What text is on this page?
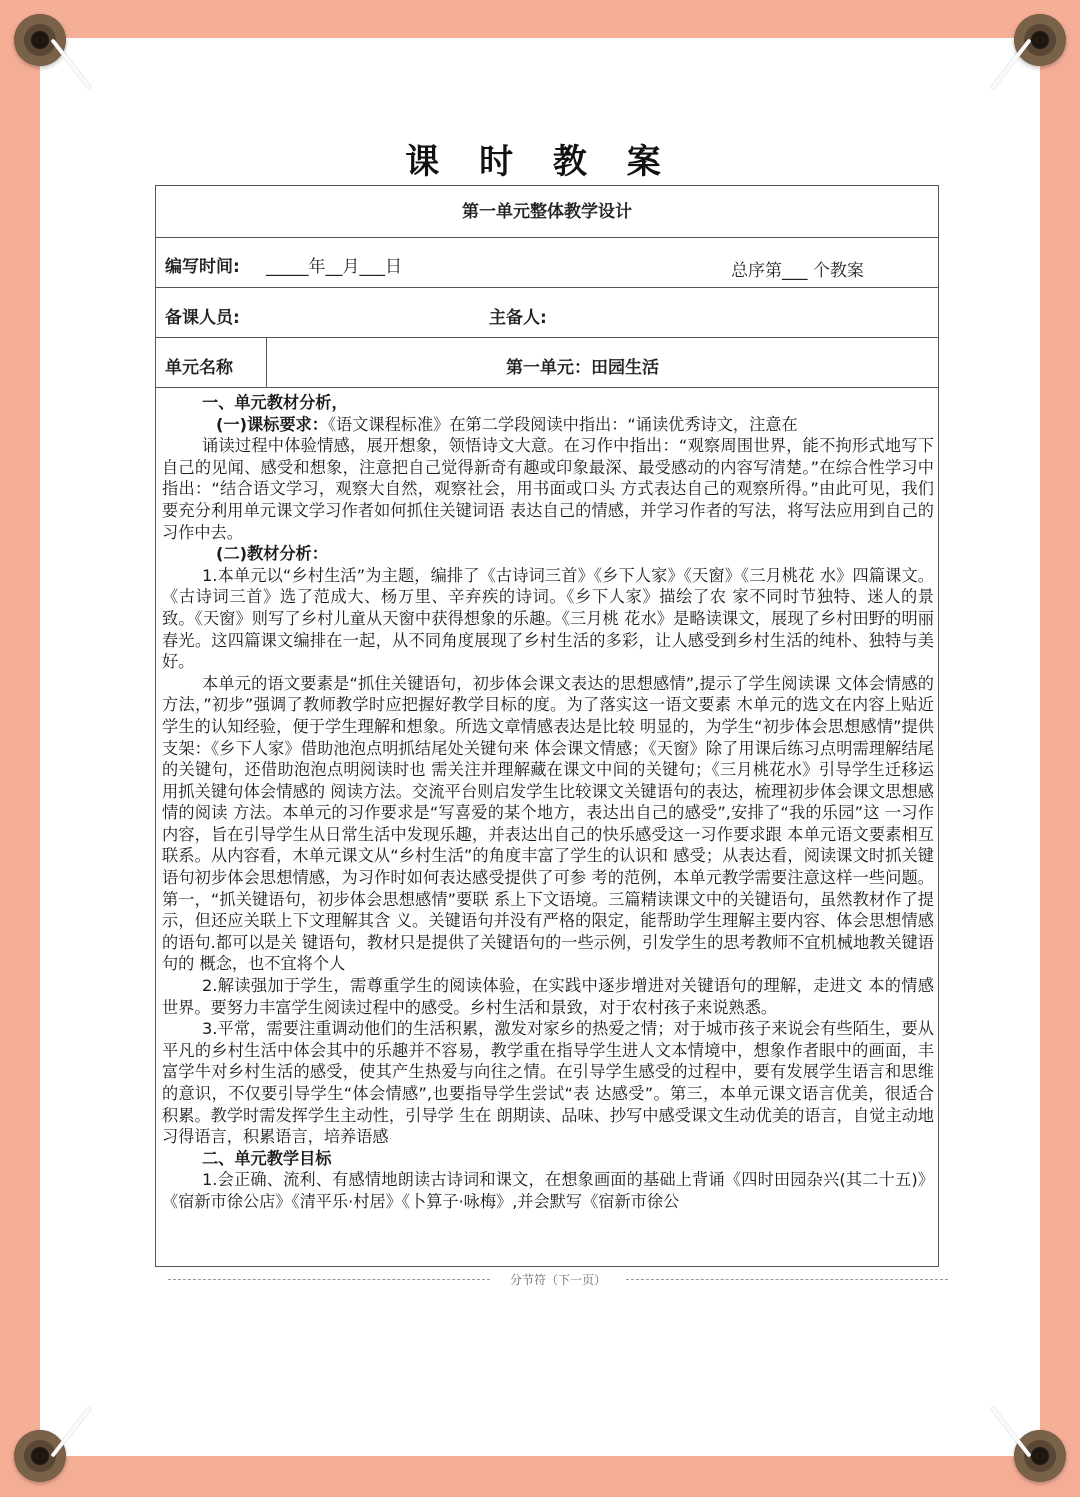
课 时 教 案
第一单元整体教学设计
编写时间: _____年__月___日	总序第___ 个教案
备课人员:	主备人:
单元名称	第一单元：田园生活

一、单元教材分析，

(一)课标要求：《语文课程标准》在第二学段阅读中指出：“诵读优秀诗文，注意在

诵读过程中体验情感，展开想象，领悟诗文大意。在习作中指出：“观察周围世界，能不拘形式地写下自己的见闻、感受和想象，注意把自己觉得新奇有趣或印象最深、最受感动的内容写清楚。”在综合性学习中指出：“结合语文学习，观察大自然，观察社会，用书面或口头 方式表达自己的观察所得。”由此可见，我们要充分利用单元课文学习作者如何抓住关键词语 表达自己的情感，并学习作者的写法，将写法应用到自己的习作中去。

(二)教材分析：

1.本单元以“乡村生活”为主题，编排了《古诗词三首》《乡下人家》《天窗》《三月桃花 水》四篇课文。《古诗词三首》选了范成大、杨万里、辛弃疾的诗词。《乡下人家》描绘了农 家不同时节独特、迷人的景致。《天窗》则写了乡村儿童从天窗中获得想象的乐趣。《三月桃 花水》是略读课文，展现了乡村田野的明丽春光。这四篇课文编排在一起，从不同角度展现了乡村生活的多彩，让人感受到乡村生活的纯朴、独特与美好。

本单元的语文要素是“抓住关键语句，初步体会课文表达的思想感情”,提示了学生阅读课 文体会情感的方法，”初步”强调了教师教学时应把握好教学目标的度。为了落实这一语文要素 木单元的选文在内容上贴近学生的认知经验，便于学生理解和想象。所选文章情感表达是比较 明显的，为学生“初步体会思想感情”提供支架：《乡下人家》借助池泡点明抓结尾处关键句来 体会课文情感；《天窗》除了用课后练习点明需理解结尾的关键句，还借助泡泡点明阅读时也 需关注并理解藏在课文中间的关键句；《三月桃花水》引导学生迁移运用抓关键句体会情感的 阅读方法。交流平台则启发学生比较课文关键语句的表达，梳理初步体会课文思想感情的阅读 方法。本单元的习作要求是“写喜爱的某个地方，表达出自己的感受”,安排了“我的乐园”这 一习作内容，旨在引导学生从日常生活中发现乐趣，并表达出自己的快乐感受这一习作要求跟 本单元语文要素相互联系。从内容看，木单元课文从“乡村生活”的角度丰富了学生的认识和 感受；从表达看，阅读课文时抓关键语句初步体会思想情感，为习作时如何表达感受提供了可参 考的范例，本单元教学需要注意这样一些问题。第一，“抓关键语句，初步体会思想感情”要联 系上下文语境。三篇精读课文中的关键语句，虽然教材作了提示，但还应关联上下文理解其含 义。关键语句并没有严格的限定，能帮助学生理解主要内容、体会思想情感的语句.都可以是关 键语句，教材只是提供了关键语句的一些示例，引发学生的思考教师不宜机械地教关键语句的 概念，也不宜将个人

2.解读强加于学生，需尊重学生的阅读体验，在实践中逐步增进对关键语句的理解，走进文 本的情感世界。要努力丰富学生阅读过程中的感受。乡村生活和景致，对于农村孩子来说熟悉。

3.平常，需要注重调动他们的生活积累，激发对家乡的热爱之情；对于城市孩子来说会有些陌生，要从平凡的乡村生活中体会其中的乐趣并不容易，教学重在指导学生进人文本情境中，想象作者眼中的画面，丰富学牛对乡村生活的感受，使其产生热爱与向往之情。在引导学生感受的过程中，要有发展学生语言和思维的意识，不仅要引导学生“体会情感”,也要指导学生尝试“表 达感受”。第三，本单元课文语言优美，很适合积累。教学时需发挥学生主动性，引导学 生在 朗期读、品味、抄写中感受课文生动优美的语言，自觉主动地习得语言，积累语言，培养语感

二、单元教学目标

1.会正确、流利、有感情地朗读古诗词和课文，在想象画面的基础上背诵《四时田园杂兴(其二十五)》《宿新市徐公店》《清平乐·村居》《卜算子·咏梅》,并会默写《宿新市徐公

分节符（下一页）
